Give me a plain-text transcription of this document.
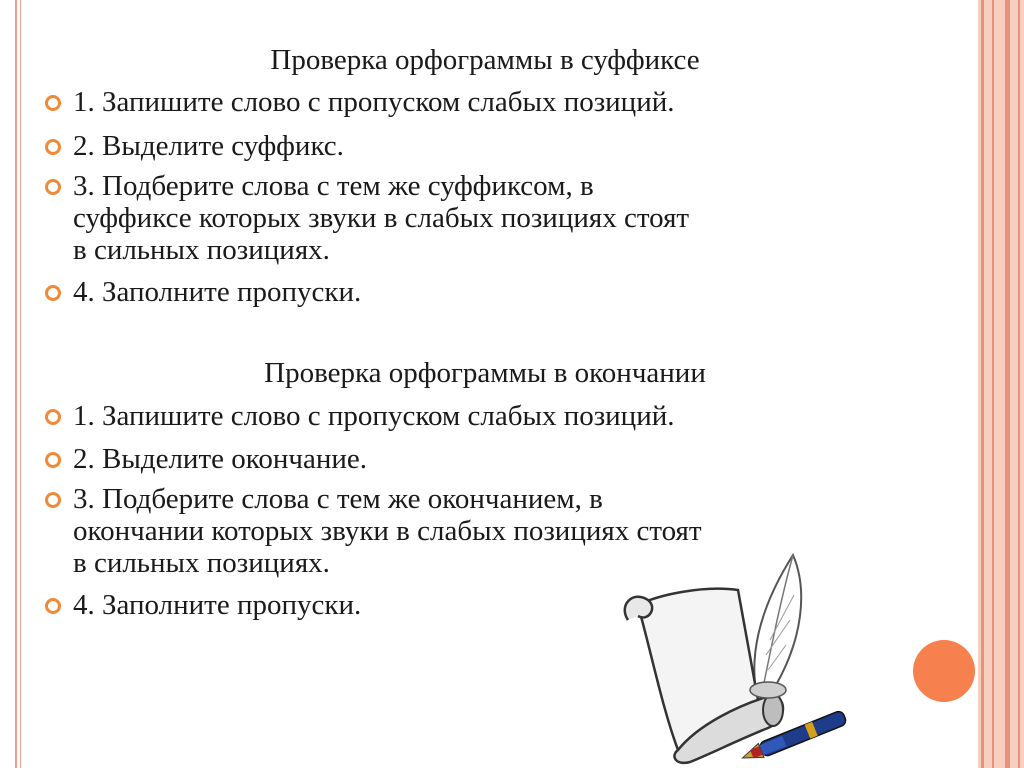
Проверка орфограммы в суффиксе
1. Запишите слово с пропуском слабых позиций.
2. Выделите суффикс.
3. Подберите слова с тем же суффиксом, в
суффиксе которых звуки в слабых позициях стоят
в сильных позициях.
4. Заполните пропуски.
Проверка орфограммы в окончании
1. Запишите слово с пропуском слабых позиций.
2. Выделите окончание.
3. Подберите слова с тем же окончанием, в
окончании которых звуки в слабых позициях стоят
в сильных позициях.
4. Заполните пропуски.
